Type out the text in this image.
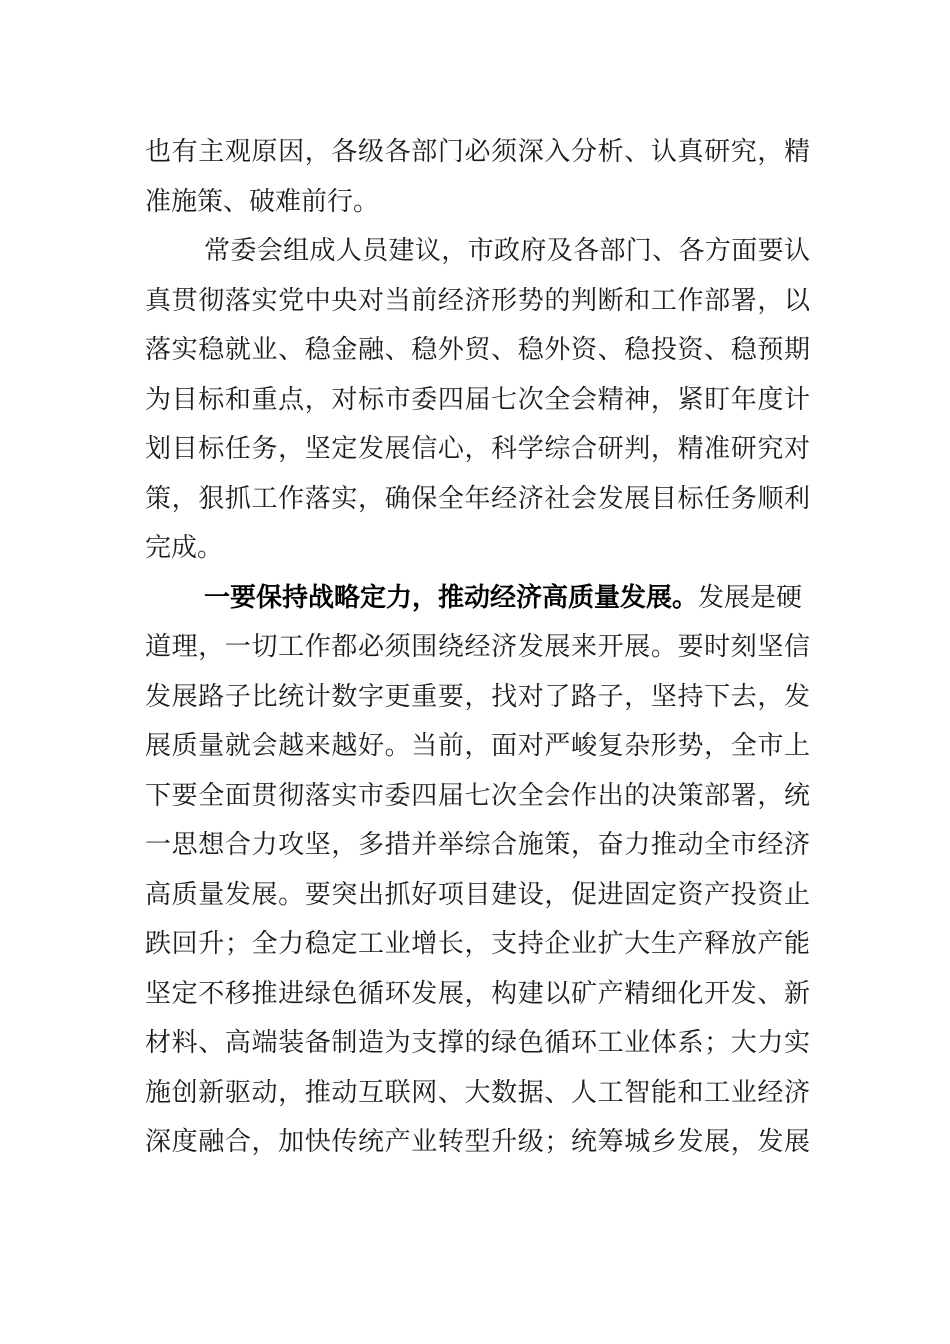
也有主观原因，各级各部门必须深入分析、认真研究，精
准施策、破难前行。
常委会组成人员建议，市政府及各部门、各方面要认
真贯彻落实党中央对当前经济形势的判断和工作部署，以
落实稳就业、稳金融、稳外贸、稳外资、稳投资、稳预期
为目标和重点，对标市委四届七次全会精神，紧盯年度计
划目标任务，坚定发展信心，科学综合研判，精准研究对
策，狠抓工作落实，确保全年经济社会发展目标任务顺利
完成。
一要保持战略定力，推动经济高质量发展。发展是硬
道理，一切工作都必须围绕经济发展来开展。要时刻坚信
发展路子比统计数字更重要，找对了路子，坚持下去，发
展质量就会越来越好。当前，面对严峻复杂形势，全市上
下要全面贯彻落实市委四届七次全会作出的决策部署，统
一思想合力攻坚，多措并举综合施策，奋力推动全市经济
高质量发展。要突出抓好项目建设，促进固定资产投资止
跌回升；全力稳定工业增长，支持企业扩大生产释放产能
坚定不移推进绿色循环发展，构建以矿产精细化开发、新
材料、高端装备制造为支撑的绿色循环工业体系；大力实
施创新驱动，推动互联网、大数据、人工智能和工业经济
深度融合，加快传统产业转型升级；统筹城乡发展，发展
